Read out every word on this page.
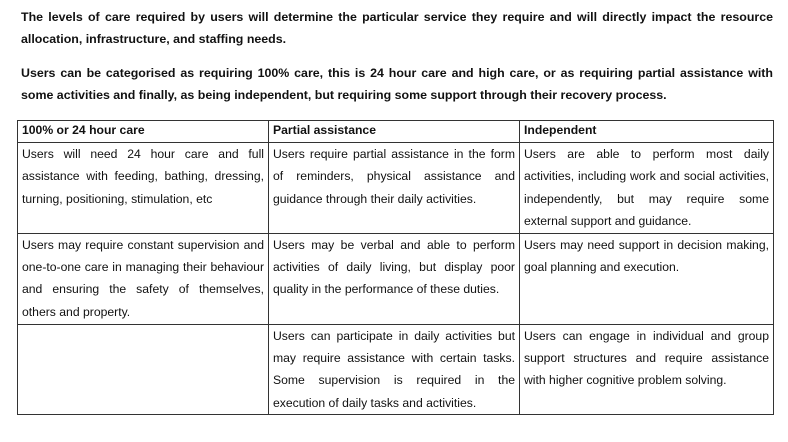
The levels of care required by users will determine the particular service they require and will directly impact the resource allocation, infrastructure, and staffing needs.

Users can be categorised as requiring 100% care, this is 24 hour care and high care, or as requiring partial assistance with some activities and finally, as being independent, but requiring some support through their recovery process.

100% or 24 hour care	Partial assistance	Independent
Users will need 24 hour care and full assistance with feeding, bathing, dressing, turning, positioning, stimulation, etc	Users require partial assistance in the form of reminders, physical assistance and guidance through their daily activities.	Users are able to perform most daily activities, including work and social activities, independently, but may require some external support and guidance.
Users may require constant supervision and one-to-one care in managing their behaviour and ensuring the safety of themselves, others and property.	Users may be verbal and able to perform activities of daily living, but display poor quality in the performance of these duties.	Users may need support in decision making, goal planning and execution.
	Users can participate in daily activities but may require assistance with certain tasks. Some supervision is required in the execution of daily tasks and activities.	Users can engage in individual and group support structures and require assistance with higher cognitive problem solving.
